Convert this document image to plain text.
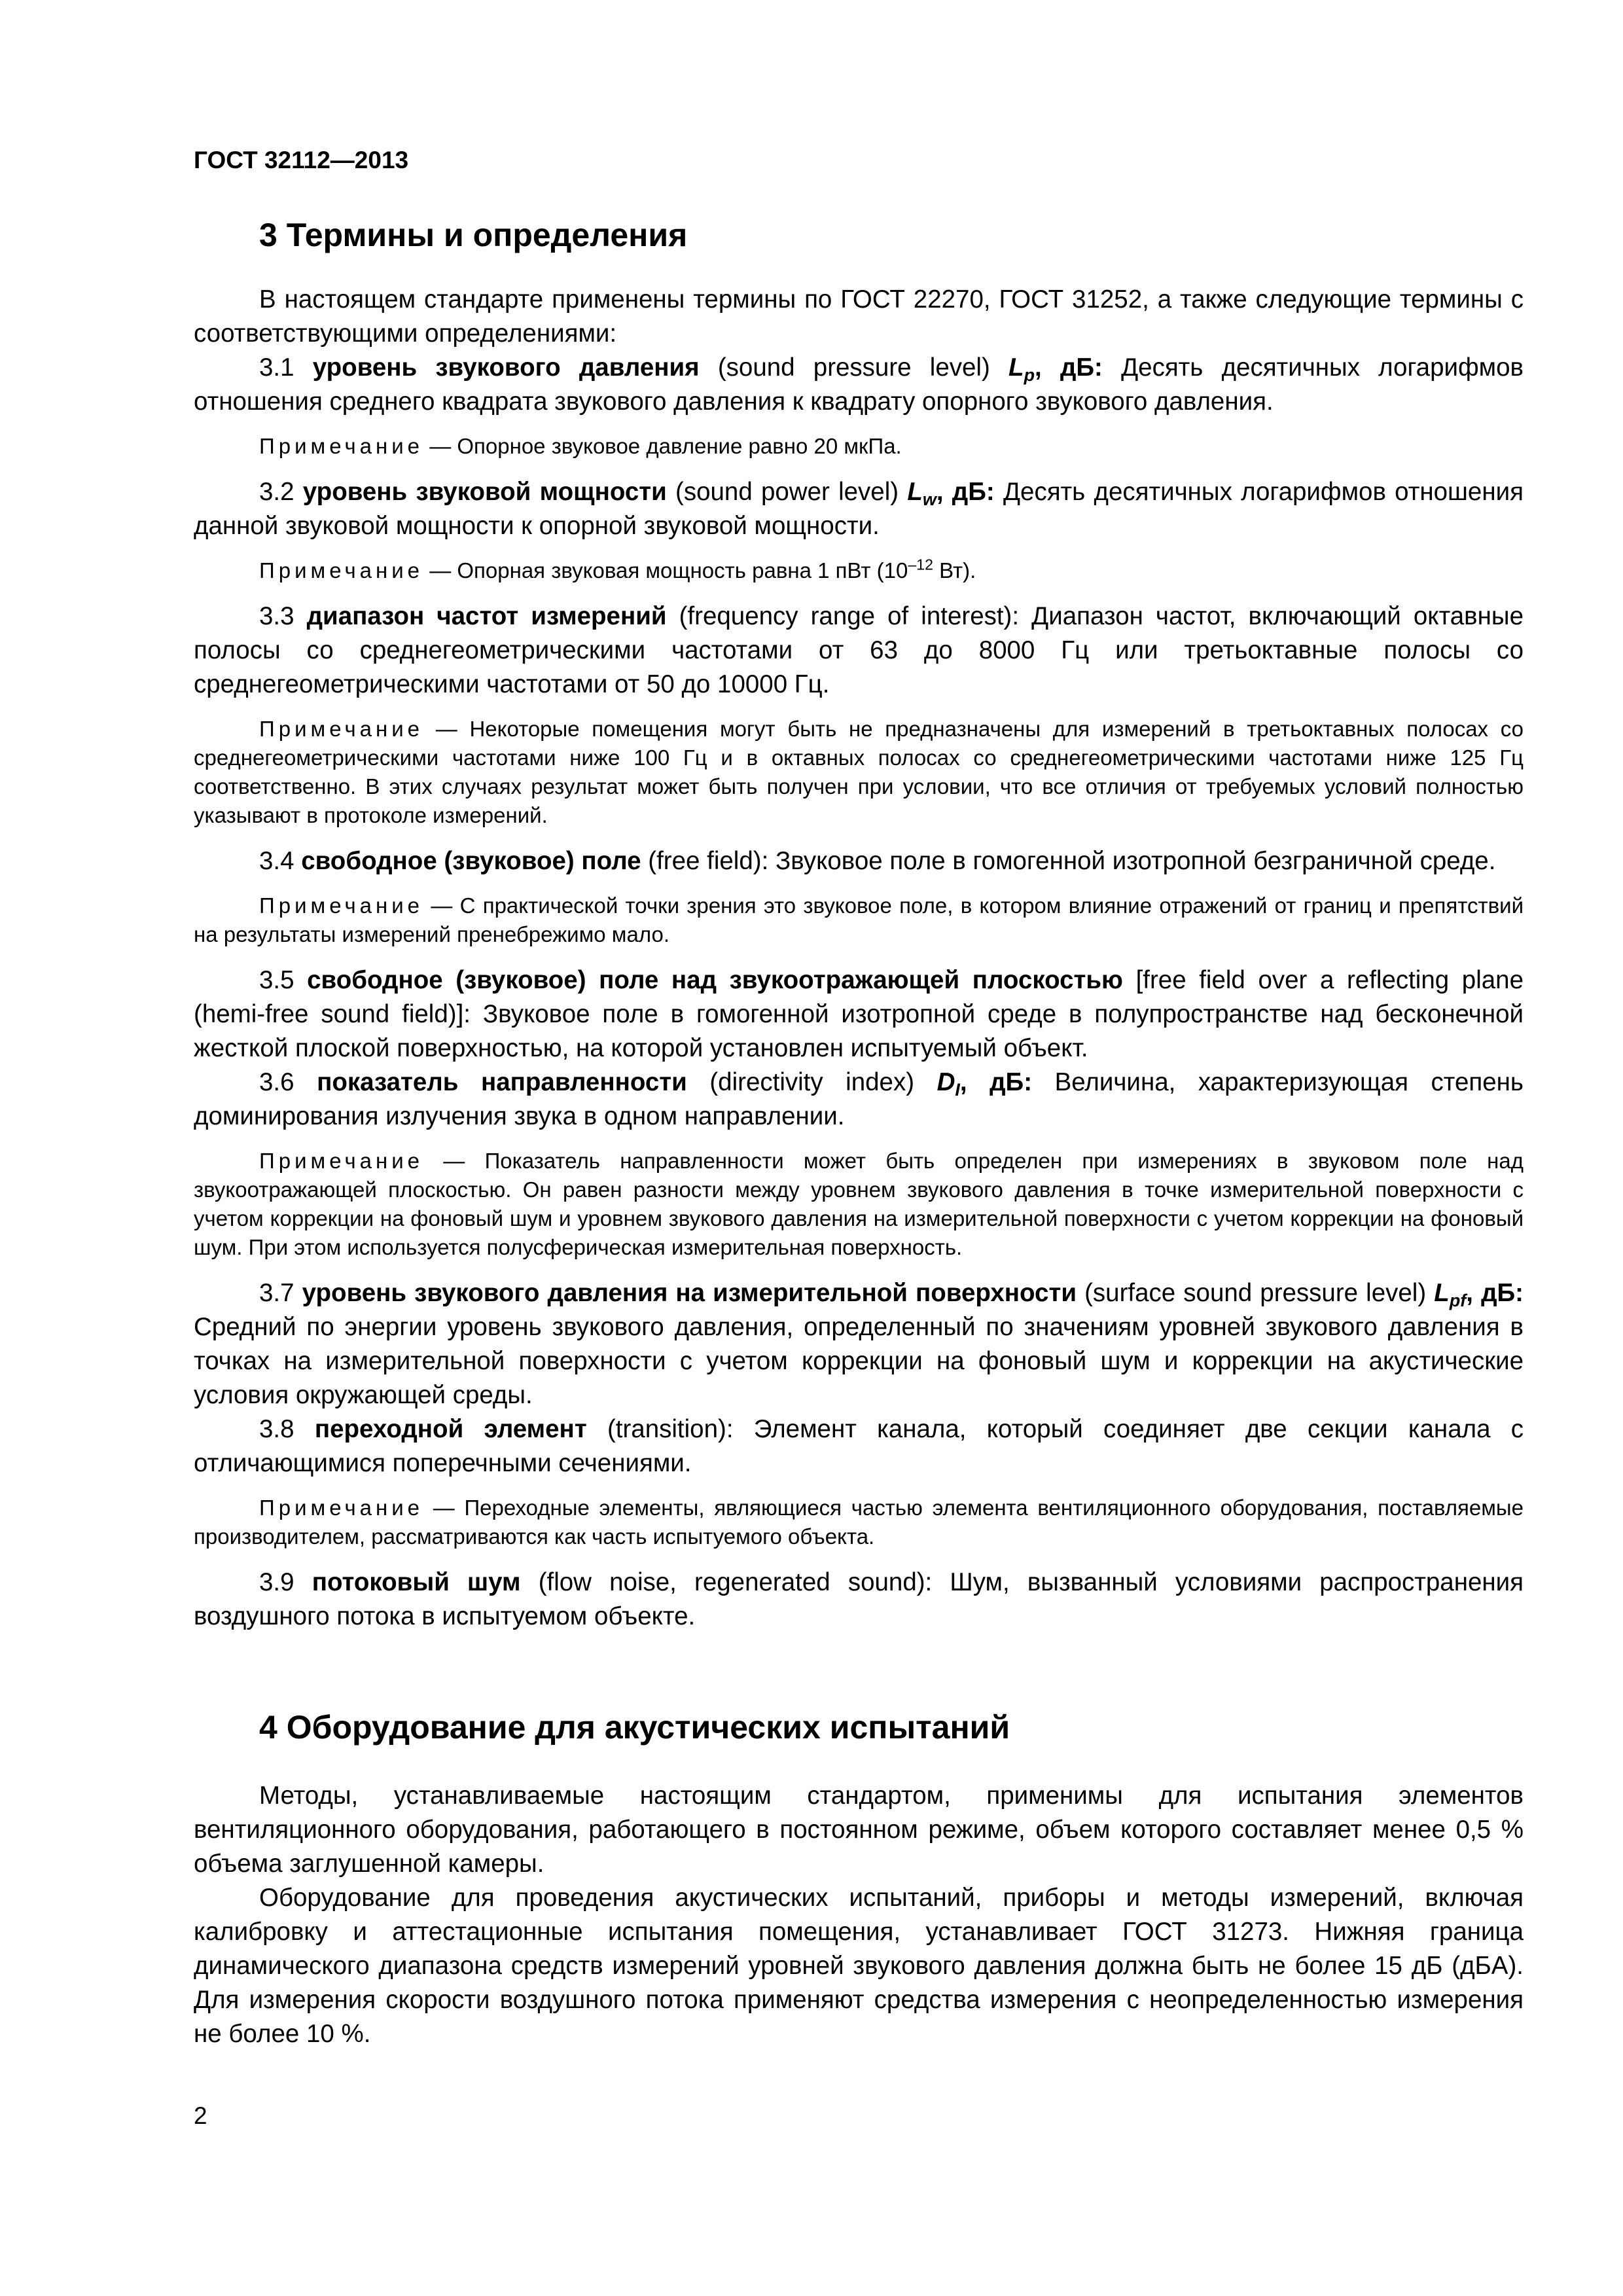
ГОСТ 32112—2013
3 Термины и определения

В настоящем стандарте применены термины по ГОСТ 22270, ГОСТ 31252, а также следующие термины с соответствующими определениями:

3.1 уровень звукового давления (sound pressure level) $L_p$, дБ: Десять десятичных логарифмов отношения среднего квадрата звукового давления к квадрату опорного звукового давления.

Примечание — Опорное звуковое давление равно 20 мкПа.

3.2 уровень звуковой мощности (sound power level) $L_w$, дБ: Десять десятичных логарифмов отношения данной звуковой мощности к опорной звуковой мощности.

Примечание — Опорная звуковая мощность равна 1 пВт ($10^{-12}$ Вт).

3.3 диапазон частот измерений (frequency range of interest): Диапазон частот, включающий октавные полосы со среднегеометрическими частотами от 63 до 8000 Гц или третьоктавные полосы со среднегеометрическими частотами от 50 до 10000 Гц.

Примечание — Некоторые помещения могут быть не предназначены для измерений в третьоктавных полосах со среднегеометрическими частотами ниже 100 Гц и в октавных полосах со среднегеометрическими частотами ниже 125 Гц соответственно. В этих случаях результат может быть получен при условии, что все отличия от требуемых условий полностью указывают в протоколе измерений.

3.4 свободное (звуковое) поле (free field): Звуковое поле в гомогенной изотропной безграничной среде.

Примечание — С практической точки зрения это звуковое поле, в котором влияние отражений от границ и препятствий на результаты измерений пренебрежимо мало.

3.5 свободное (звуковое) поле над звукоотражающей плоскостью [free field over a reflecting plane (hemi-free sound field)]: Звуковое поле в гомогенной изотропной среде в полупространстве над бесконечной жесткой плоской поверхностью, на которой установлен испытуемый объект.

3.6 показатель направленности (directivity index) $D_I$, дБ: Величина, характеризующая степень доминирования излучения звука в одном направлении.

Примечание — Показатель направленности может быть определен при измерениях в звуковом поле над звукоотражающей плоскостью. Он равен разности между уровнем звукового давления в точке измерительной поверхности с учетом коррекции на фоновый шум и уровнем звукового давления на измерительной поверхности с учетом коррекции на фоновый шум. При этом используется полусферическая измерительная поверхность.

3.7 уровень звукового давления на измерительной поверхности (surface sound pressure level) $L_{pf}$, дБ: Средний по энергии уровень звукового давления, определенный по значениям уровней звукового давления в точках на измерительной поверхности с учетом коррекции на фоновый шум и коррекции на акустические условия окружающей среды.

3.8 переходной элемент (transition): Элемент канала, который соединяет две секции канала с отличающимися поперечными сечениями.

Примечание — Переходные элементы, являющиеся частью элемента вентиляционного оборудования, поставляемые производителем, рассматриваются как часть испытуемого объекта.

3.9 потоковый шум (flow noise, regenerated sound): Шум, вызванный условиями распространения воздушного потока в испытуемом объекте.

4 Оборудование для акустических испытаний

Методы, устанавливаемые настоящим стандартом, применимы для испытания элементов вентиляционного оборудования, работающего в постоянном режиме, объем которого составляет менее 0,5 % объема заглушенной камеры.

Оборудование для проведения акустических испытаний, приборы и методы измерений, включая калибровку и аттестационные испытания помещения, устанавливает ГОСТ 31273. Нижняя граница динамического диапазона средств измерений уровней звукового давления должна быть не более 15 дБ (дБA). Для измерения скорости воздушного потока применяют средства измерения с неопределенностью измерения не более 10 %.

2
